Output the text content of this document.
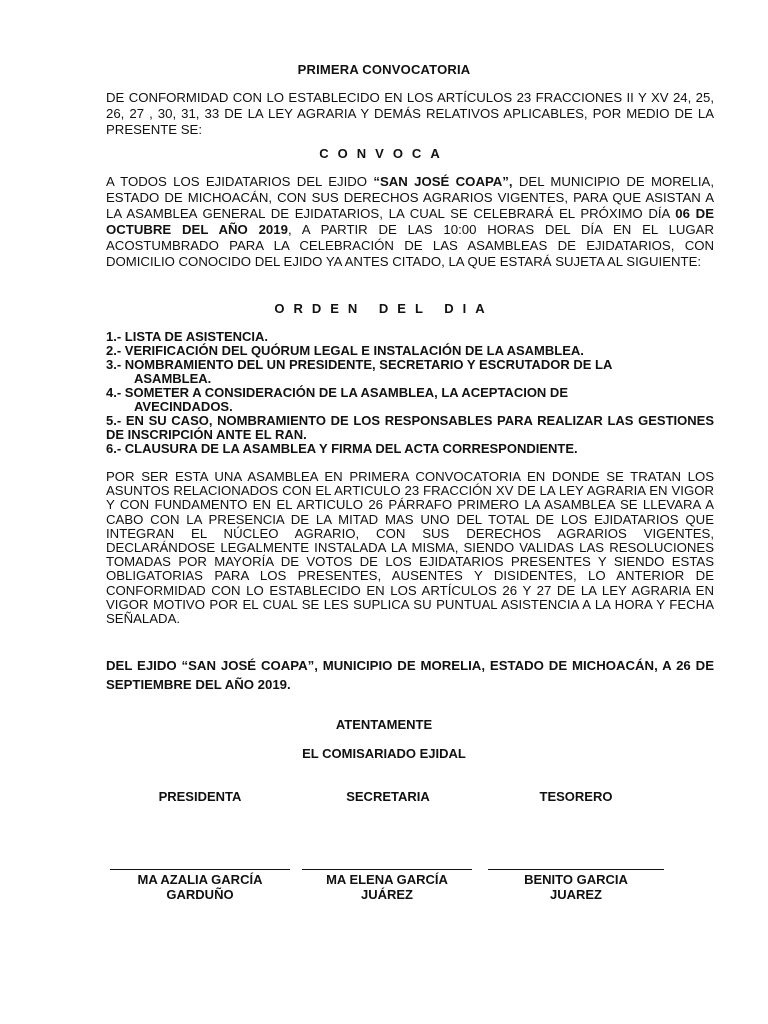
PRIMERA CONVOCATORIA
DE CONFORMIDAD CON LO ESTABLECIDO EN LOS ARTÍCULOS 23 FRACCIONES II Y XV 24, 25, 26, 27 , 30, 31, 33 DE LA LEY AGRARIA Y DEMÁS RELATIVOS APLICABLES, POR MEDIO DE LA PRESENTE SE:
CONVOCA
A TODOS LOS EJIDATARIOS DEL EJIDO “SAN JOSÉ COAPA”, DEL MUNICIPIO DE MORELIA, ESTADO DE MICHOACÁN, CON SUS DERECHOS AGRARIOS VIGENTES, PARA QUE ASISTAN A LA ASAMBLEA GENERAL DE EJIDATARIOS, LA CUAL SE CELEBRARÁ EL PRÓXIMO DÍA 06 DE OCTUBRE DEL AÑO 2019, A PARTIR DE LAS 10:00 HORAS DEL DÍA EN EL LUGAR ACOSTUMBRADO PARA LA CELEBRACIÓN DE LAS ASAMBLEAS DE EJIDATARIOS, CON DOMICILIO CONOCIDO DEL EJIDO YA ANTES CITADO, LA QUE ESTARÁ SUJETA AL SIGUIENTE:
ORDEN DEL DIA
1.- LISTA DE ASISTENCIA.
2.- VERIFICACIÓN DEL QUÓRUM LEGAL E INSTALACIÓN DE LA ASAMBLEA.
3.- NOMBRAMIENTO DEL UN PRESIDENTE, SECRETARIO Y ESCRUTADOR DE LA
ASAMBLEA.
4.- SOMETER A CONSIDERACIÓN DE LA ASAMBLEA, LA ACEPTACION DE
AVECINDADOS.
5.- EN SU CASO, NOMBRAMIENTO DE LOS RESPONSABLES PARA REALIZAR LAS GESTIONES DE INSCRIPCIÓN ANTE EL RAN.
6.- CLAUSURA DE LA ASAMBLEA Y FIRMA DEL ACTA CORRESPONDIENTE.
POR SER ESTA UNA ASAMBLEA EN PRIMERA CONVOCATORIA EN DONDE SE TRATAN LOS ASUNTOS RELACIONADOS CON EL ARTICULO 23 FRACCIÓN XV DE LA LEY AGRARIA EN VIGOR Y CON FUNDAMENTO EN EL ARTICULO 26 PÁRRAFO PRIMERO LA ASAMBLEA SE LLEVARA A CABO CON LA PRESENCIA DE LA MITAD MAS UNO DEL TOTAL DE LOS EJIDATARIOS QUE INTEGRAN EL NÚCLEO AGRARIO, CON SUS DERECHOS AGRARIOS VIGENTES, DECLARÁNDOSE LEGALMENTE INSTALADA LA MISMA, SIENDO VALIDAS LAS RESOLUCIONES TOMADAS POR MAYORÍA DE VOTOS DE LOS EJIDATARIOS PRESENTES Y SIENDO ESTAS OBLIGATORIAS PARA LOS PRESENTES, AUSENTES Y DISIDENTES, LO ANTERIOR DE CONFORMIDAD CON LO ESTABLECIDO EN LOS ARTÍCULOS 26 Y 27 DE LA LEY AGRARIA EN VIGOR MOTIVO POR EL CUAL SE LES SUPLICA SU PUNTUAL ASISTENCIA A LA HORA Y FECHA SEÑALADA.
DEL EJIDO “SAN JOSÉ COAPA”, MUNICIPIO DE MORELIA, ESTADO DE MICHOACÁN, A 26 DE SEPTIEMBRE DEL AÑO 2019.
ATENTAMENTE
EL COMISARIADO EJIDAL
PRESIDENTA	SECRETARIA	TESORERO
MA AZALIA GARCÍA
GARDUÑO
MA ELENA GARCÍA
JUÁREZ
BENITO GARCIA
JUAREZ
